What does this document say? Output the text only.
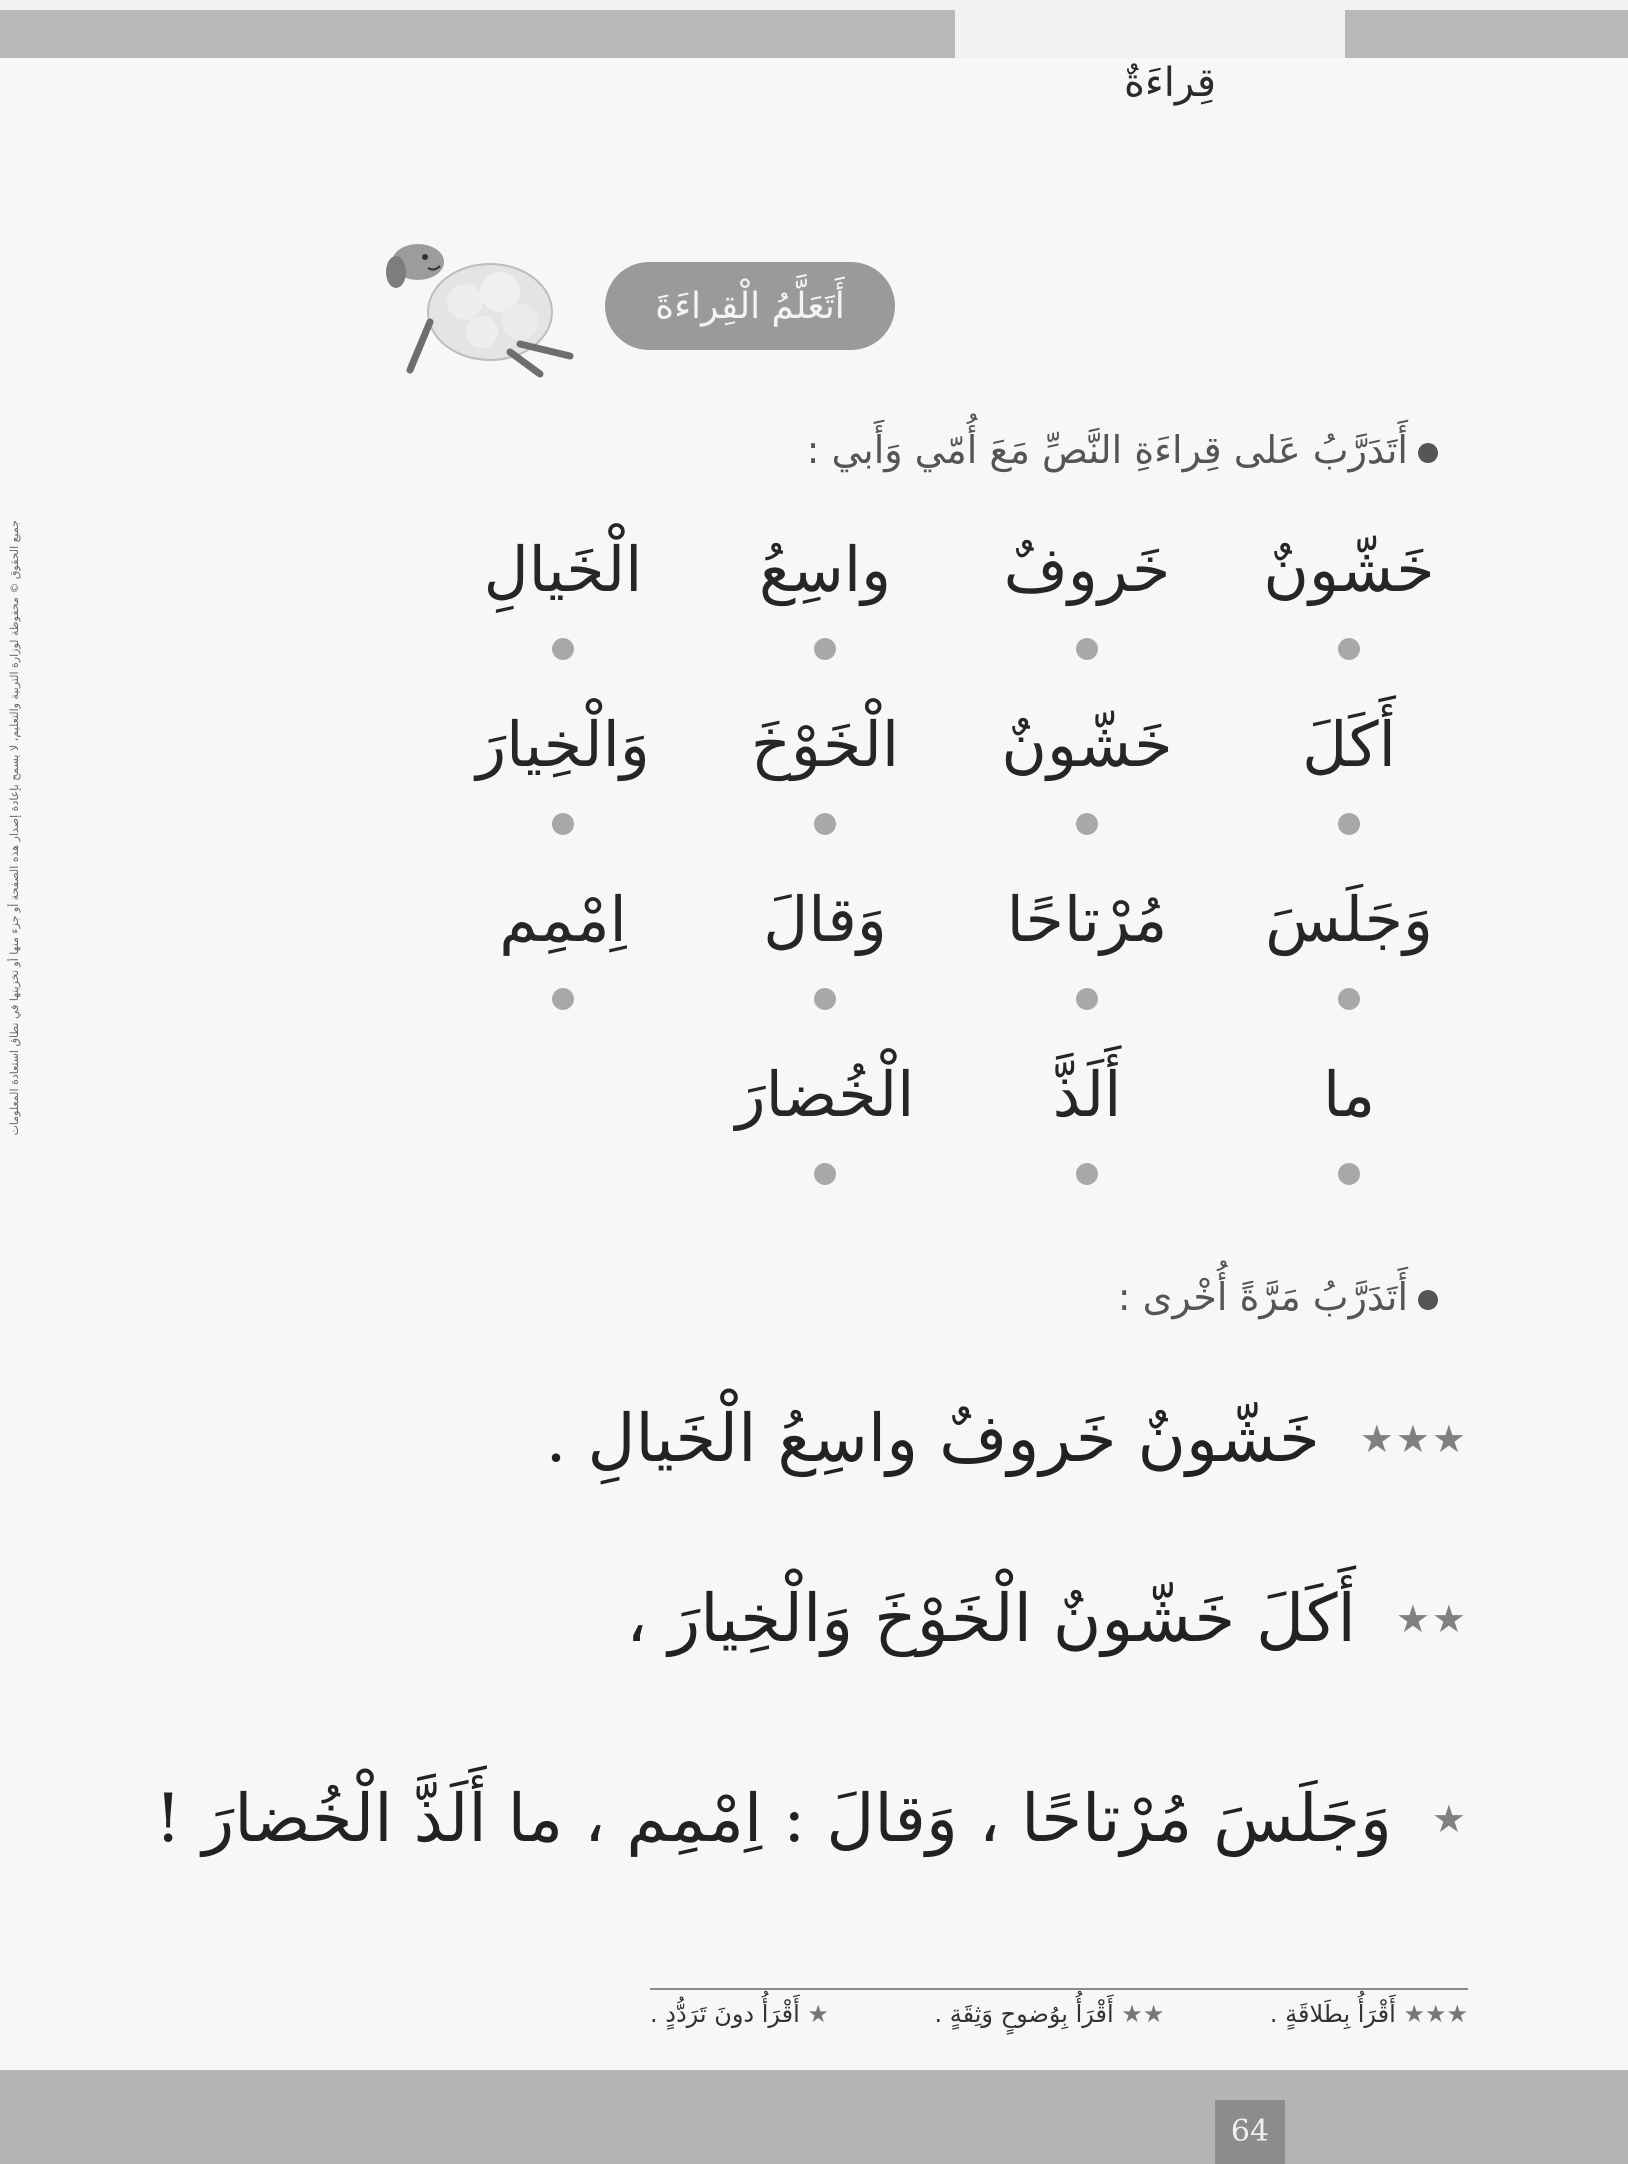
قِراءَةٌ
أَتَعَلَّمُ الْقِراءَةَ
أَتَدَرَّبُ عَلى قِراءَةِ النَّصِّ مَعَ أُمّي وَأَبي :
خَشّونٌ
خَروفٌ
واسِعُ
الْخَيالِ
أَكَلَ
خَشّونٌ
الْخَوْخَ
وَالْخِيارَ
وَجَلَسَ
مُرْتاحًا
وَقالَ
اِمْمِم
ما
أَلَذَّ
الْخُضارَ
أَتَدَرَّبُ مَرَّةً أُخْرى :
★★★
خَشّونٌ خَروفٌ واسِعُ الْخَيالِ .
★★
أَكَلَ خَشّونٌ الْخَوْخَ وَالْخِيارَ ،
★
وَجَلَسَ مُرْتاحًا ، وَقالَ : اِمْمِم ، ما أَلَذَّ الْخُضارَ !
★★★ أَقْرَأُ بِطَلاقَةٍ .
★★ أَقْرَأُ بِوُضوحٍ وَثِقَةٍ .
★ أَقْرَأُ دونَ تَرَدُّدٍ .
جميع الحقوق © محفوظة لوزارة التربية والتعليم، لا يسمح بإعادة إصدار هذه الصفحة أو جزء منها أو تخزينها في نطاق استعادة المعلومات
64
